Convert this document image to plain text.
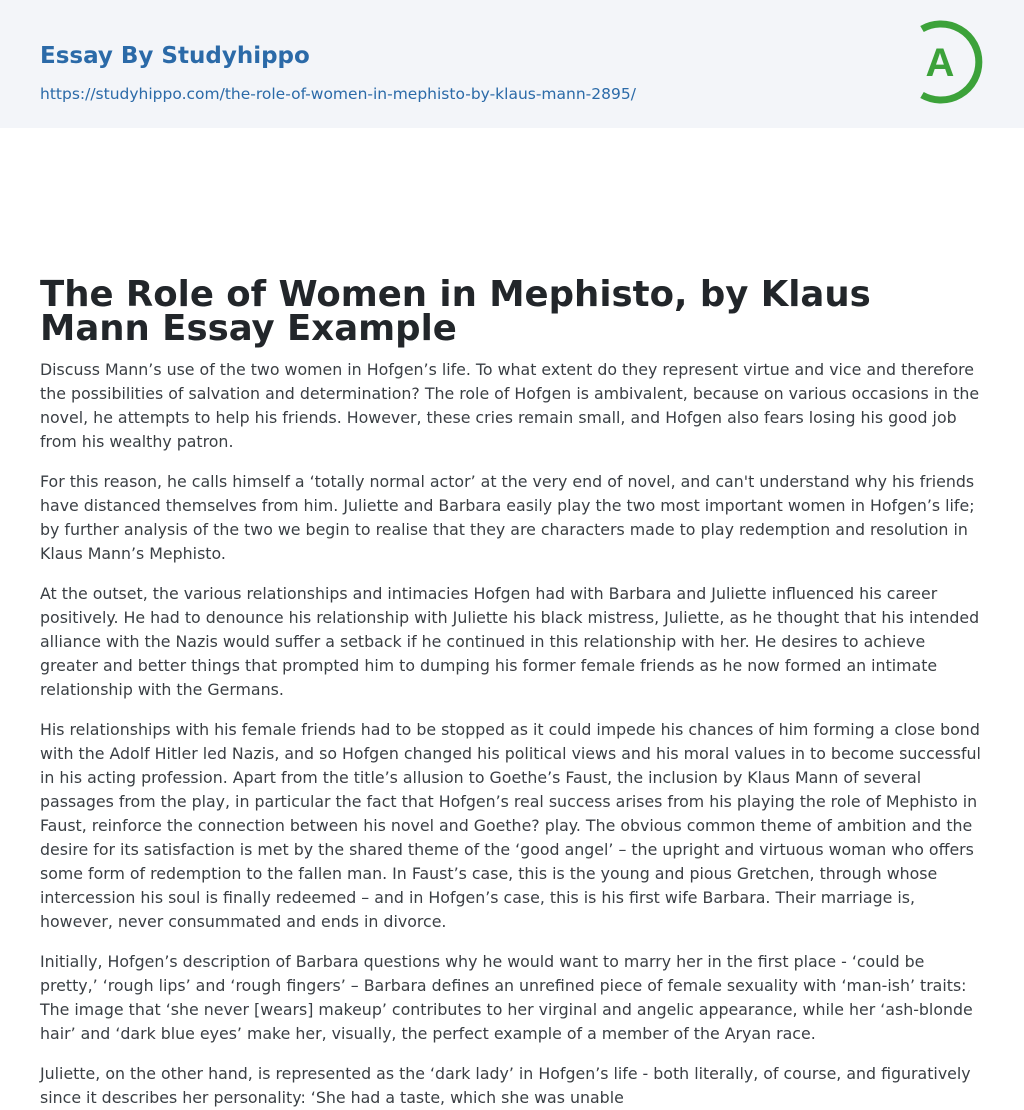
Essay By Studyhippo
https://studyhippo.com/the-role-of-women-in-mephisto-by-klaus-mann-2895/
A
The Role of Women in Mephisto, by Klaus Mann Essay Example

Discuss Mann’s use of the two women in Hofgen’s life. To what extent do they represent virtue and vice and therefore the possibilities of salvation and determination? The role of Hofgen is ambivalent, because on various occasions in the novel, he attempts to help his friends. However, these cries remain small, and Hofgen also fears losing his good job from his wealthy patron.

For this reason, he calls himself a ‘totally normal actor’ at the very end of novel, and can't understand why his friends have distanced themselves from him. Juliette and Barbara easily play the two most important women in Hofgen’s life; by further analysis of the two we begin to realise that they are characters made to play redemption and resolution in Klaus Mann’s Mephisto.

At the outset, the various relationships and intimacies Hofgen had with Barbara and Juliette influenced his career positively. He had to denounce his relationship with Juliette his black mistress, Juliette, as he thought that his intended alliance with the Nazis would suffer a setback if he continued in this relationship with her. He desires to achieve greater and better things that prompted him to dumping his former female friends as he now formed an intimate relationship with the Germans.

His relationships with his female friends had to be stopped as it could impede his chances of him forming a close bond with the Adolf Hitler led Nazis, and so Hofgen changed his political views and his moral values in to become successful in his acting profession. Apart from the title’s allusion to Goethe’s Faust, the inclusion by Klaus Mann of several passages from the play, in particular the fact that Hofgen’s real success arises from his playing the role of Mephisto in Faust, reinforce the connection between his novel and Goethe? play. The obvious common theme of ambition and the desire for its satisfaction is met by the shared theme of the ‘good angel’ – the upright and virtuous woman who offers some form of redemption to the fallen man. In Faust’s case, this is the young and pious Gretchen, through whose intercession his soul is finally redeemed – and in Hofgen’s case, this is his first wife Barbara. Their marriage is, however, never consummated and ends in divorce.

Initially, Hofgen’s description of Barbara questions why he would want to marry her in the first place - ‘could be pretty,’ ‘rough lips’ and ‘rough fingers’ – Barbara defines an unrefined piece of female sexuality with ‘man-ish’ traits: The image that ‘she never [wears] makeup’ contributes to her virginal and angelic appearance, while her ‘ash-blonde hair’ and ‘dark blue eyes’ make her, visually, the perfect example of a member of the Aryan race.

Juliette, on the other hand, is represented as the ‘dark lady’ in Hofgen’s life - both literally, of course, and figuratively since it describes her personality: ‘She had a taste, which she was unable
